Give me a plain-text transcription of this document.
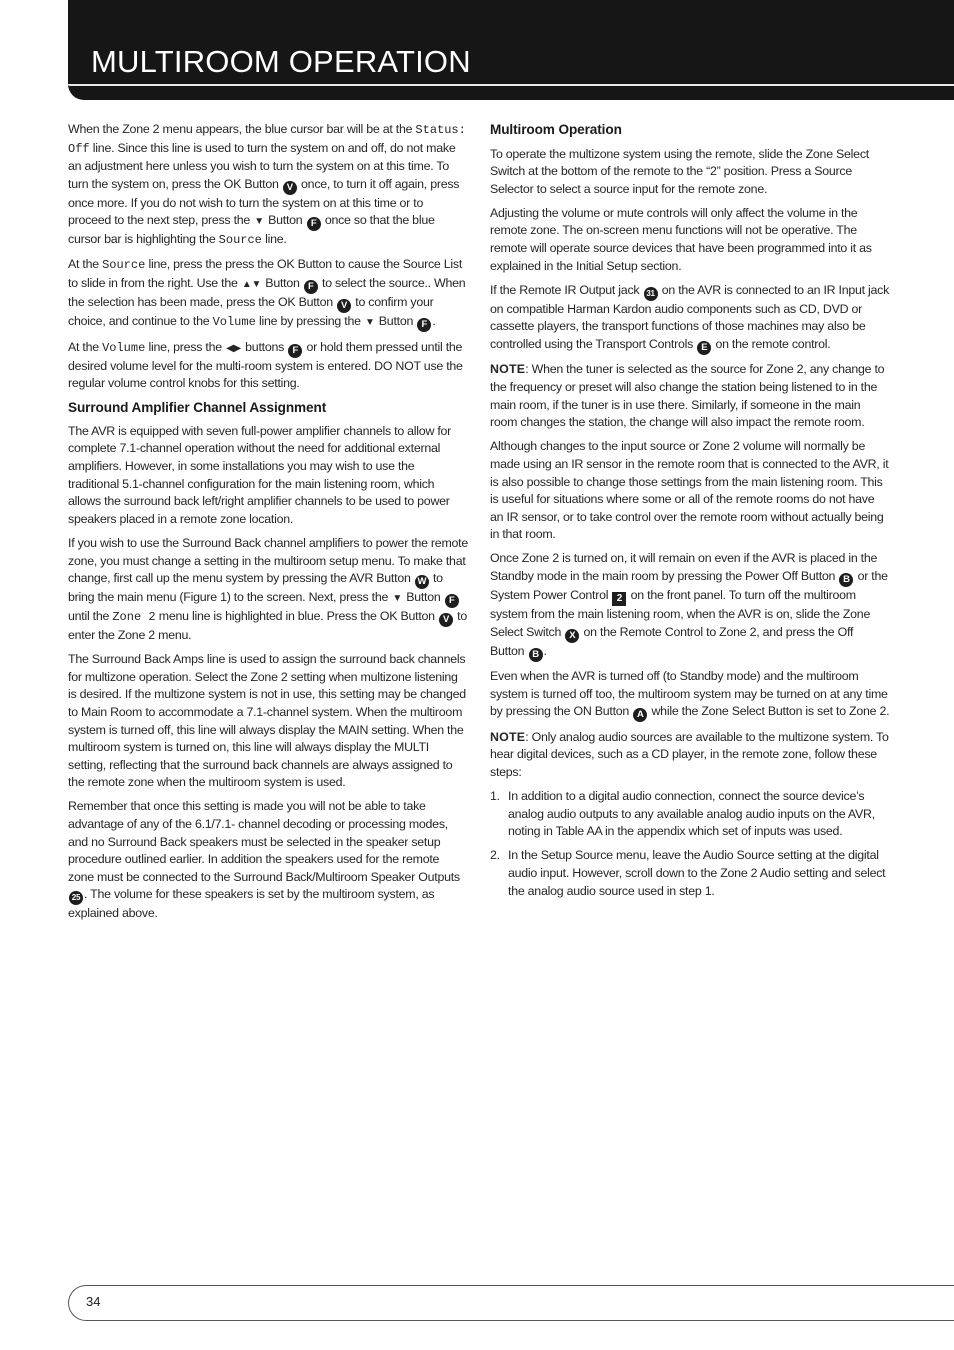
MULTIROOM OPERATION

When the Zone 2 menu appears, the blue cursor bar will be at the Status: Off line. Since this line is used to turn the system on and off, do not make an adjustment here unless you wish to turn the system on at this time. To turn the system on, press the OK Button V once, to turn it off again, press once more. If you do not wish to turn the system on at this time or to proceed to the next step, press the ▼ Button F once so that the blue cursor bar is highlighting the Source line.

At the Source line, press the press the OK Button to cause the Source List to slide in from the right. Use the ▲▼ Button F to select the source.. When the selection has been made, press the OK Button V to confirm your choice, and continue to the Volume line by pressing the ▼ Button F .

At the Volume line, press the ◀▶ buttons F or hold them pressed until the desired volume level for the multi-room system is entered. DO NOT use the regular volume control knobs for this setting.

Surround Amplifier Channel Assignment

The AVR is equipped with seven full-power amplifier channels to allow for complete 7.1-channel operation without the need for additional external amplifiers. However, in some installations you may wish to use the traditional 5.1-channel configuration for the main listening room, which allows the surround back left/right amplifier channels to be used to power speakers placed in a remote zone location.

If you wish to use the Surround Back channel amplifiers to power the remote zone, you must change a setting in the multiroom setup menu. To make that change, first call up the menu system by pressing the AVR Button W to bring the main menu (Figure 1) to the screen. Next, press the ▼ Button F until the Zone 2 menu line is highlighted in blue. Press the OK Button V to enter the Zone 2 menu.

The Surround Back Amps line is used to assign the surround back channels for multizone operation. Select the Zone 2 setting when multizone listening is desired. If the multizone system is not in use, this setting may be changed to Main Room to accommodate a 7.1-channel system. When the multiroom system is turned off, this line will always display the MAIN setting. When the multiroom system is turned on, this line will always display the MULTI setting, reflecting that the surround back channels are always assigned to the remote zone when the multiroom system is used.

Remember that once this setting is made you will not be able to take advantage of any of the 6.1/7.1- channel decoding or processing modes, and no Surround Back speakers must be selected in the speaker setup procedure outlined earlier. In addition the speakers used for the remote zone must be connected to the Surround Back/Multiroom Speaker Outputs 25 . The volume for these speakers is set by the multiroom system, as explained above.

Multiroom Operation

To operate the multizone system using the remote, slide the Zone Select Switch at the bottom of the remote to the “2” position. Press a Source Selector to select a source input for the remote zone.

Adjusting the volume or mute controls will only affect the volume in the remote zone. The on-screen menu functions will not be operative. The remote will operate source devices that have been programmed into it as explained in the Initial Setup section.

If the Remote IR Output jack 31 on the AVR is connected to an IR Input jack on compatible Harman Kardon audio components such as CD, DVD or cassette players, the transport functions of those machines may also be controlled using the Transport Controls E on the remote control.

NOTE: When the tuner is selected as the source for Zone 2, any change to the frequency or preset will also change the station being listened to in the main room, if the tuner is in use there. Similarly, if someone in the main room changes the station, the change will also impact the remote room.

Although changes to the input source or Zone 2 volume will normally be made using an IR sensor in the remote room that is connected to the AVR, it is also possible to change those settings from the main listening room. This is useful for situations where some or all of the remote rooms do not have an IR sensor, or to take control over the remote room without actually being in that room.

Once Zone 2 is turned on, it will remain on even if the AVR is placed in the Standby mode in the main room by pressing the Power Off Button B or the System Power Control 2 on the front panel. To turn off the multiroom system from the main listening room, when the AVR is on, slide the Zone Select Switch X on the Remote Control to Zone 2, and press the Off Button B .

Even when the AVR is turned off (to Standby mode) and the multiroom system is turned off too, the multiroom system may be turned on at any time by pressing the ON Button A while the Zone Select Button is set to Zone 2.

NOTE: Only analog audio sources are available to the multizone system. To hear digital devices, such as a CD player, in the remote zone, follow these steps:

1. In addition to a digital audio connection, connect the source device’s analog audio outputs to any available analog audio inputs on the AVR, noting in Table AA in the appendix which set of inputs was used.
2. In the Setup Source menu, leave the Audio Source setting at the digital audio input. However, scroll down to the Zone 2 Audio setting and select the analog audio source used in step 1.
34
